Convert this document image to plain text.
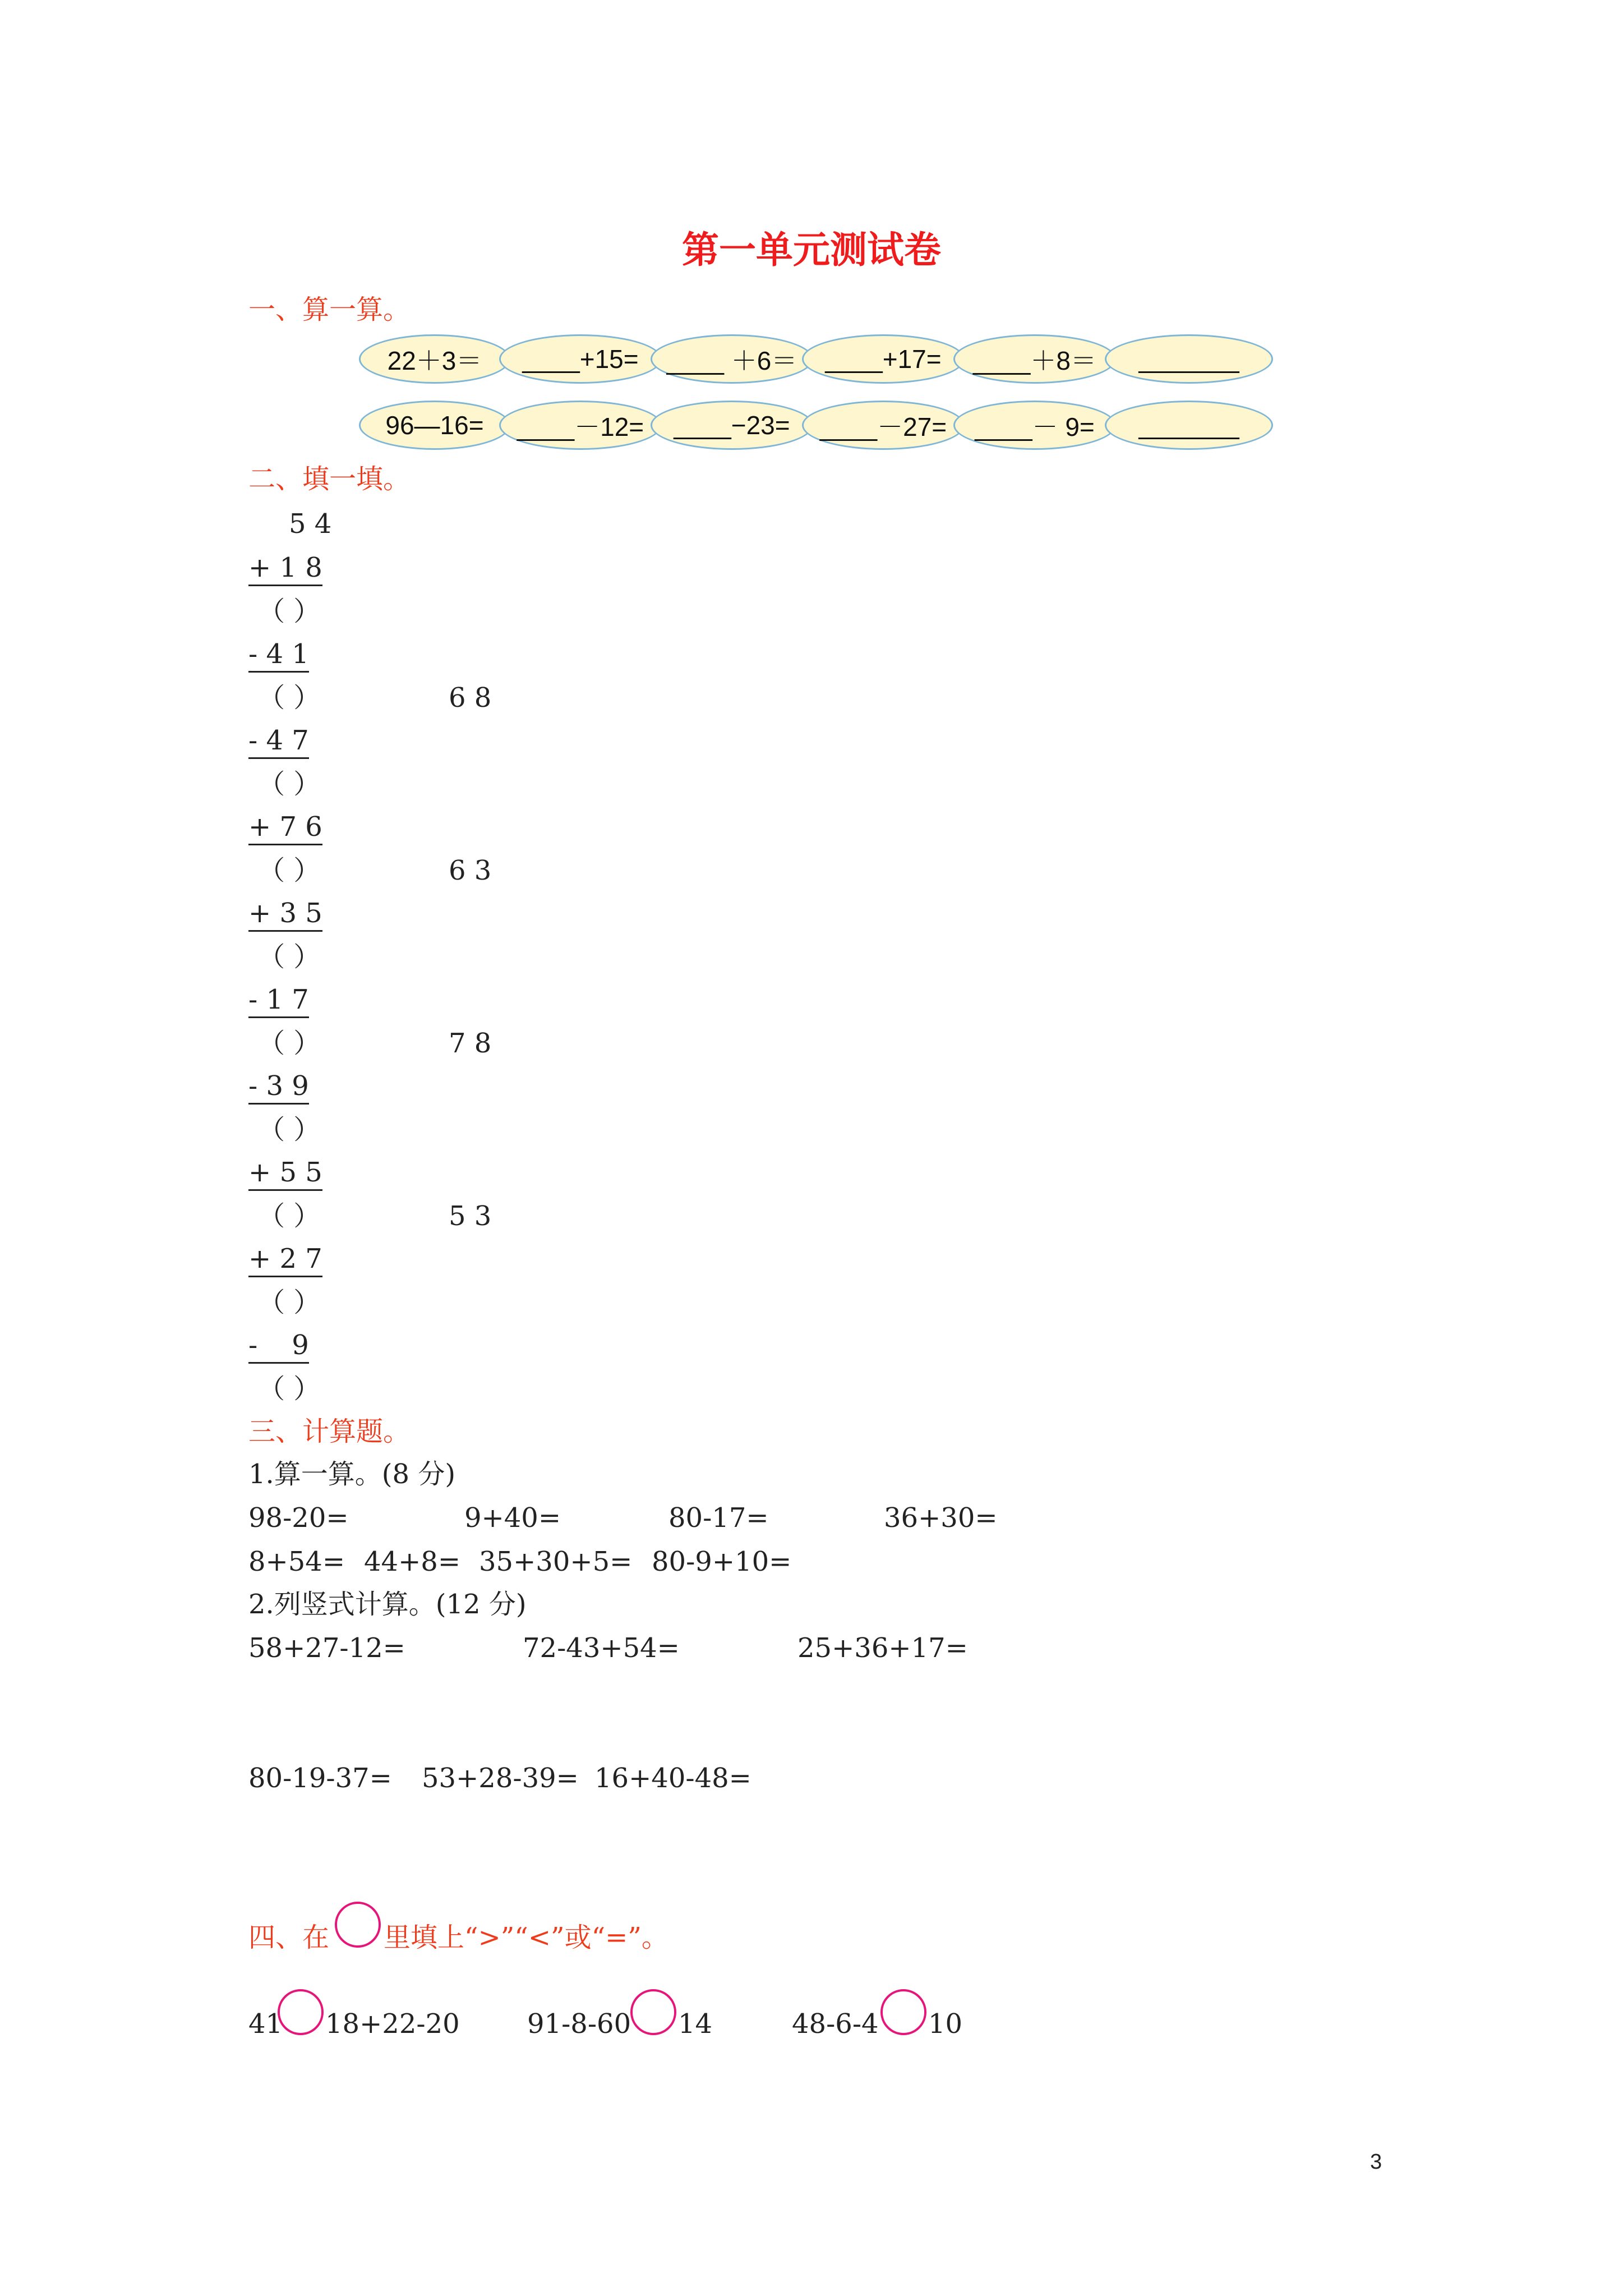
第一单元测试卷
一、算一算。
22＋3＝	____+15=	____ ＋6＝	____+17=	____＋8＝	_______
96—16=	____－12=	____−23=	____－27=	____－ 9=	_______
二、填一填。
5 4
+ 1 8
（ ）
- 4 1
（ ）	6 8
- 4 7
（ ）
+ 7 6
（ ）	6 3
+ 3 5
（ ）
- 1 7
（ ）	7 8
- 3 9
（ ）
+ 5 5
（ ）	5 3
+ 2 7
（ ）
-    9
（ ）
三、计算题。
1.算一算。(8 分)
98-20=	9+40=	80-17=	36+30=
8+54= 44+8= 35+30+5= 80-9+10=
2.列竖式计算。(12 分)
58+27-12=	72-43+54=	25+36+17=
80-19-37= 53+28-39= 16+40-48=
四、在 里填上“>”“<”或“=”。
41 18+22-20	91-8-60 14	48-6-4 10
3
